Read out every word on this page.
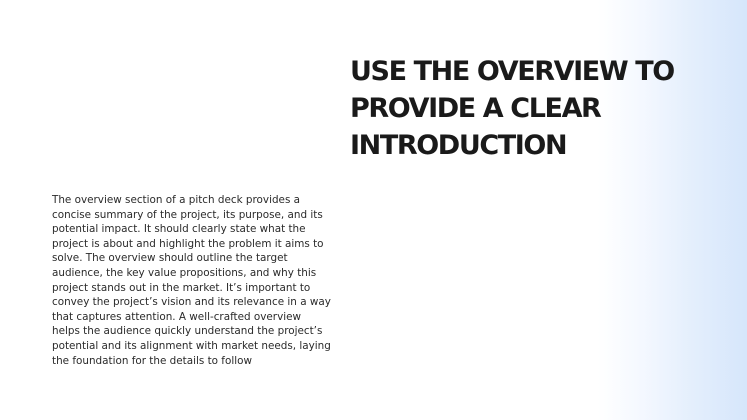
USE THE OVERVIEW TO
PROVIDE A CLEAR
INTRODUCTION

The overview section of a pitch deck provides a
concise summary of the project, its purpose, and its
potential impact. It should clearly state what the
project is about and highlight the problem it aims to
solve. The overview should outline the target
audience, the key value propositions, and why this
project stands out in the market. It’s important to
convey the project’s vision and its relevance in a way
that captures attention. A well-crafted overview
helps the audience quickly understand the project’s
potential and its alignment with market needs, laying
the foundation for the details to follow
